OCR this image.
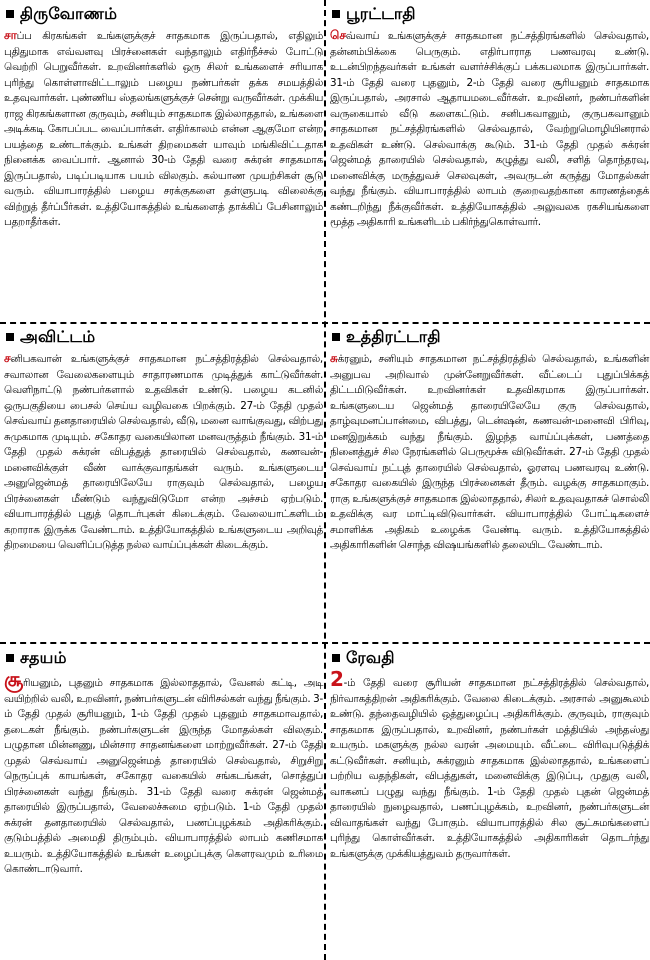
திருவோணம்
சாப்ப கிரகங்கள் உங்களுக்குச் சாதகமாக இருப்பதால், எதிலும் புதிதுமாக எவ்வளவு பிரச்னைகள் வந்தாலும் எதிர்நீச்சல் போட்டு வெற்றி பெறுவீர்கள். உறவினர்களில் ஒரு சிலர் உங்களைச் சரியாக புரிந்து கொள்ளாவிட்டாலும் பழைய நண்பர்கள் தக்க சமயத்தில் உதவுவார்கள். புண்ணிய ஸ்தலங்களுக்குச் சென்று வருவீர்கள். முக்கிய ராஜ கிரகங்களான குருவும், சனியும் சாதகமாக இல்லாததால், உங்களை அடிக்கடி கோபப்பட வைப்பார்கள். எதிர்காலம் என்ன ஆகுமோ என்ற பயத்தை உண்டாக்கும். உங்கள் திறமைகள் யாவும் மங்கிவிட்டதாக நினைக்க வைப்பார். ஆனால் 30-ம் தேதி வரை சுக்ரன் சாதகமாக இருப்பதால், படிப்படியாக பயம் விலகும். கல்யாண முயற்சிகள் சூடு வரும். வியாபாரத்தில் பழைய சரக்குகளை தள்ளுபடி விலைக்கு விற்றுத் தீர்ப்பீர்கள். உத்தியோகத்தில் உங்களைத் தாக்கிப் பேசினாலும் பதறாதீர்கள்.
அவிட்டம்
சனிபகவான் உங்களுக்குச் சாதகமான நட்சத்திரத்தில் செல்வதால், சவாலான வேலைகளையும் சாதாரணமாக முடித்துக் காட்டுவீர்கள். வெளிநாட்டு நண்பர்களால் உதவிகள் உண்டு. பழைய கடனில் ஒருபகுதியை பைசல் செய்ய வழிவகை பிறக்கும். 27-ம் தேதி முதல் செவ்வாய் தனதாரையில் செல்வதால், வீடு, மனை வாங்குவது, விற்பது சுமுகமாக முடியும். சகோதர வகையிலான மனவருத்தம் நீங்கும். 31-ம் தேதி முதல் சுக்ரன் விபத்துத் தாரையில் செல்வதால், கணவன்-மனைவிக்குள் வீண் வாக்குவாதங்கள் வரும். உங்களுடைய அனுஜென்மத் தாரையிலேயே ராகுவும் செல்வதால், பழைய பிரச்னைகள் மீண்டும் வந்துவிடுமோ என்ற அச்சம் ஏற்படும். வியாபாரத்தில் புதுத் தொடர்புகள் கிடைக்கும். வேலையாட்களிடம் கறாராக இருக்க வேண்டாம். உத்தியோகத்தில் உங்களுடைய அறிவுத் திறமையை வெளிப்படுத்த நல்ல வாய்ப்புக்கள் கிடைக்கும்.
சதயம்
சூரியனும், புதனும் சாதகமாக இல்லாததால், வேனல் கட்டி, அடி வயிற்றில் வலி, உறவினர், நண்பர்களுடன் விரிசல்கள் வந்து நீங்கும். 3-ம் தேதி முதல் சூரியனும், 1-ம் தேதி முதல் புதனும் சாதகமாவதால், தடைகள் நீங்கும். நண்பர்களுடன் இருந்த மோதல்கள் விலகும். பழுதான மின்னணு, மின்சார சாதனங்களை மாற்றுவீர்கள். 27-ம் தேதி முதல் செவ்வாய் அனுஜென்மத் தாரையில் செல்வதால், சிறுசிறு நெருப்புக் காயங்கள், சகோதர வகையில் சங்கடங்கள், சொத்துப் பிரச்னைகள் வந்து நீங்கும். 31-ம் தேதி வரை சுக்ரன் ஜென்மத் தாரையில் இருப்பதால், வேலைச்சுமை ஏற்படும். 1-ம் தேதி முதல் சுக்ரன் தனதாரையில் செல்வதால், பணப்புழக்கம் அதிகரிக்கும். குடும்பத்தில் அமைதி திரும்பும். வியாபாரத்தில் லாபம் கணிசமாக உயரும். உத்தியோகத்தில் உங்கள் உழைப்புக்கு கௌரவமும் உரிமை கொண்டாடுவார்.
பூரட்டாதி
செவ்வாய் உங்களுக்குச் சாதகமான நட்சத்திரங்களில் செல்வதால், தன்னம்பிக்கை பெருகும். எதிர்பாராத பணவரவு உண்டு. உடன்பிறந்தவர்கள் உங்கள் வளர்ச்சிக்குப் பக்கபலமாக இருப்பார்கள். 31-ம் தேதி வரை புதனும், 2-ம் தேதி வரை சூரியனும் சாதகமாக இருப்பதால், அரசால் ஆதாயமடைவீர்கள். உறவினர், நண்பர்களின் வருகையால் வீடு களைகட்டும். சனிபகவானும், குருபகவானும் சாதகமான நட்சத்திரங்களில் செல்வதால், வேற்றுமொழியினரால் உதவிகள் உண்டு. செல்வாக்கு கூடும். 31-ம் தேதி முதல் சுக்ரன் ஜென்மத் தாரையில் செல்வதால், கழுத்து வலி, சளித் தொந்தரவு, மனைவிக்கு மருத்துவச் செலவுகள், அவருடன் கருத்து மோதல்கள் வந்து நீங்கும். வியாபாரத்தில் லாபம் குறைவதற்கான காரணத்தைக் கண்டறிந்து நீக்குவீர்கள். உத்தியோகத்தில் அலுவலக ரகசியங்களை மூத்த அதிகாரி உங்களிடம் பகிர்ந்துகொள்வார்.
உத்திரட்டாதி
சுக்ரனும், சனியும் சாதகமான நட்சத்திரத்தில் செல்வதால், உங்களின் அனுபவ அறிவால் முன்னேறுவீர்கள். வீட்டைப் புதுப்பிக்கத் திட்டமிடுவீர்கள். உறவினர்கள் உதவிகரமாக இருப்பார்கள். உங்களுடைய ஜென்மத் தாரையிலேயே குரு செல்வதால், தாழ்வுமனப்பான்மை, விபத்து, டென்ஷன், கணவன்-மனைவி பிரிவு, மனஇறுக்கம் வந்து நீங்கும். இழந்த வாய்ப்புக்கள், பணத்தை நினைத்துச் சில நேரங்களில் பெருமூச்சு விடுவீர்கள். 27-ம் தேதி முதல் செவ்வாய் நட்புத் தாரையில் செல்வதால், ஓரளவு பணவரவு உண்டு. சகோதர வகையில் இருந்த பிரச்னைகள் தீரும். வழக்கு சாதகமாகும். ராகு உங்களுக்குச் சாதகமாக இல்லாததால், சிலர் உதவுவதாகச் சொல்லி உதவிக்கு வர மாட்டிவிடுவார்கள். வியாபாரத்தில் போட்டிகளைச் சமாளிக்க அதிகம் உழைக்க வேண்டி வரும். உத்தியோகத்தில் அதிகாரிகளின் சொந்த விஷயங்களில் தலையிட வேண்டாம்.
ரேவதி
2-ம் தேதி வரை சூரியன் சாதகமான நட்சத்திரத்தில் செல்வதால், நிர்வாகத்திறன் அதிகரிக்கும். வேலை கிடைக்கும். அரசால் அனுகூலம் உண்டு. தந்தைவழியில் ஒத்துழைப்பு அதிகரிக்கும். குருவும், ராகுவும் சாதகமாக இருப்பதால், உறவினர், நண்பர்கள் மத்தியில் அந்தஸ்து உயரும். மகளுக்கு நல்ல வரன் அமையும். வீட்டை விரிவுபடுத்திக் கட்டுவீர்கள். சனியும், சுக்ரனும் சாதகமாக இல்லாததால், உங்களைப் பற்றிய வதந்திகள், விபத்துகள், மனைவிக்கு இடுப்பு, முதுகு வலி, வாகனப் பழுது வந்து நீங்கும். 1-ம் தேதி முதல் புதன் ஜென்மத் தாரையில் நுழைவதால், பணப்புழக்கம், உறவினர், நண்பர்களுடன் விவாதங்கள் வந்து போகும். வியாபாரத்தில் சில சூட்சுமங்களைப் புரிந்து கொள்வீர்கள். உத்தியோகத்தில் அதிகாரிகள் தொடர்ந்து உங்களுக்கு முக்கியத்துவம் தருவார்கள்.
